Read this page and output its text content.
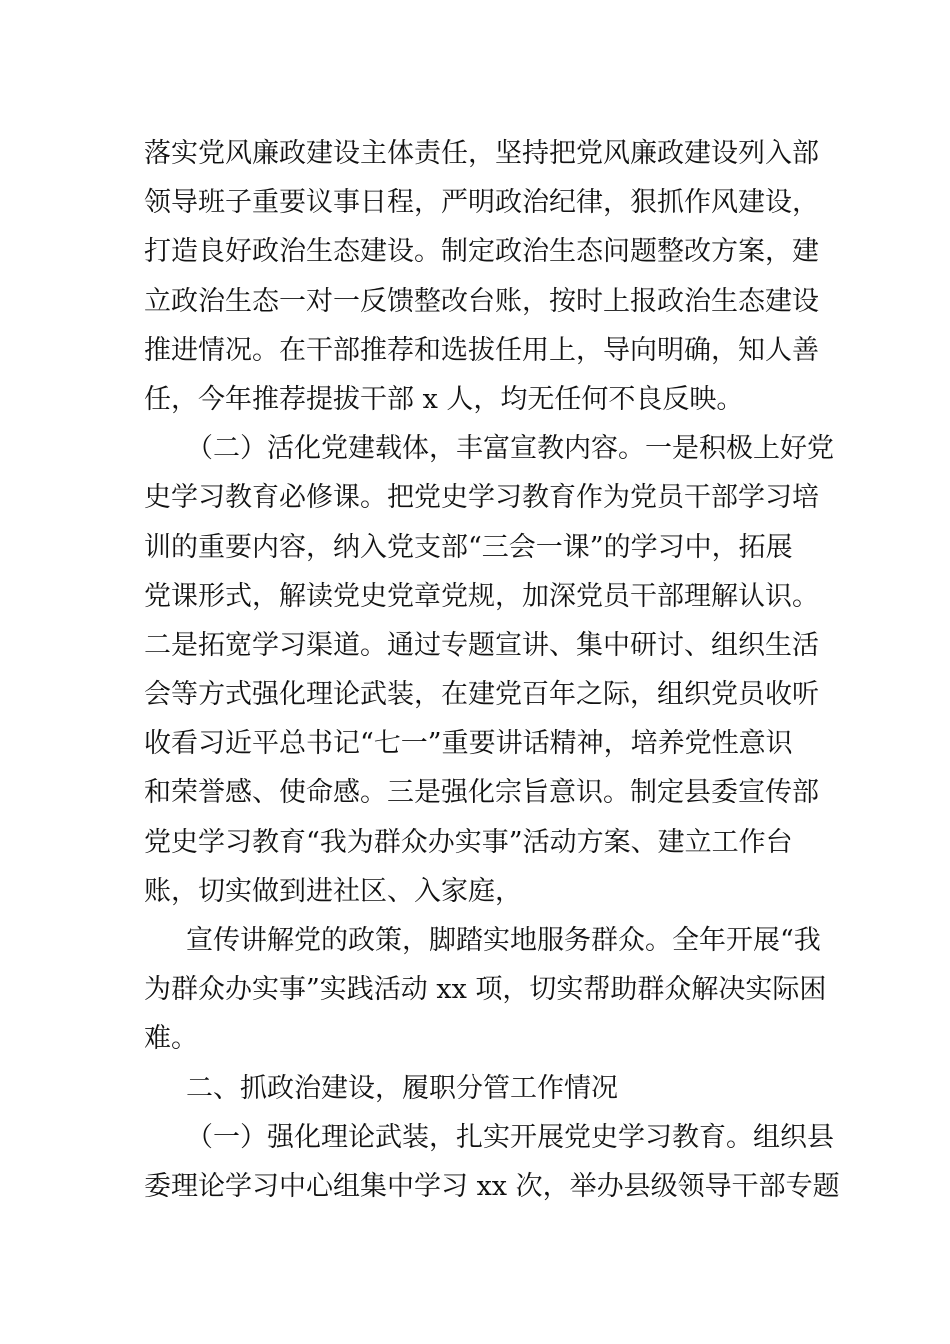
落实党风廉政建设主体责任，坚持把党风廉政建设列入部
领导班子重要议事日程，严明政治纪律，狠抓作风建设，
打造良好政治生态建设。制定政治生态问题整改方案，建
立政治生态一对一反馈整改台账，按时上报政治生态建设
推进情况。在干部推荐和选拔任用上，导向明确，知人善
任，今年推荐提拔干部 x 人，均无任何不良反映。
（二）活化党建载体，丰富宣教内容。一是积极上好党
史学习教育必修课。把党史学习教育作为党员干部学习培
训的重要内容，纳入党支部“三会一课”的学习中，拓展
党课形式，解读党史党章党规，加深党员干部理解认识。
二是拓宽学习渠道。通过专题宣讲、集中研讨、组织生活
会等方式强化理论武装，在建党百年之际，组织党员收听
收看习近平总书记“七一”重要讲话精神，培养党性意识
和荣誉感、使命感。三是强化宗旨意识。制定县委宣传部
党史学习教育“我为群众办实事”活动方案、建立工作台
账，切实做到进社区、入家庭，
宣传讲解党的政策，脚踏实地服务群众。全年开展“我
为群众办实事”实践活动 xx 项，切实帮助群众解决实际困
难。
二、抓政治建设，履职分管工作情况
（一）强化理论武装，扎实开展党史学习教育。组织县
委理论学习中心组集中学习 xx 次，举办县级领导干部专题
